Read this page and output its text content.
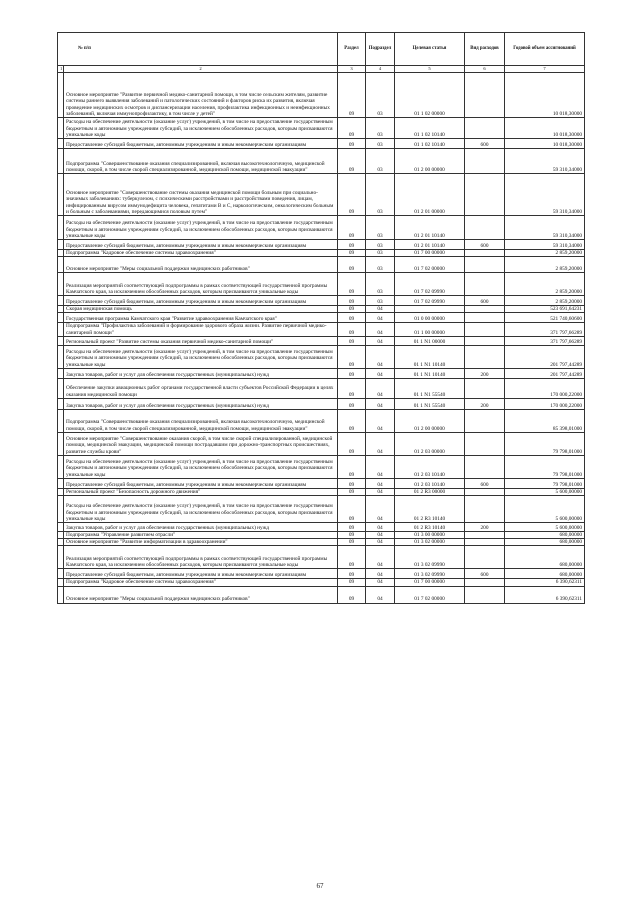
№ п/п		Раздел	Подраздел	Целевая статья	Вид расходов	Годовой объем ассигнований
1	2	3	4	5	6	7
	Основное мероприятие "Развитие первичной медико-санитарной помощи, в том числе сельским жителям, развитие системы раннего выявления заболеваний и патологических состояний и факторов риска их развития, включая проведение медицинских осмотров и диспансеризации населения, профилактика инфекционных и неинфекционных заболеваний, включая иммунопрофилактику, в том числе у детей"	09	03	01 1 02 00000		10 018,30000
	Расходы на обеспечение деятельности (оказание услуг) учреждений, в том числе на предоставление государственным бюджетным и автономным учреждениям субсидий, за исключением обособленных расходов, которым присваиваются уникальные коды	09	03	01 1 02 10140		10 018,30000
	Предоставление субсидий бюджетным, автономным учреждениям и иным некоммерческим организациям	09	03	01 1 02 10140	600	10 018,30000
	Подпрограмма "Совершенствование оказания специализированной, включая высокотехнологичную, медицинской помощи, скорой, в том числе скорой специализированной, медицинской помощи, медицинской эвакуации"	09	03	01 2 00 00000		59 310,34000
	Основное мероприятие "Совершенствование системы оказания медицинской помощи больным при социально-значимых заболеваниях: туберкулезом, с психическими расстройствами и расстройствами поведения, лицам, инфицированным вирусом иммунодефицита человека, гепатитами В и С, наркологическим, онкологическим больным и больным с заболеваниями, передающимися половым путем"	09	03	01 2 01 00000		59 310,34000
	Расходы на обеспечение деятельности (оказание услуг) учреждений, в том числе на предоставление государственным бюджетным и автономным учреждениям субсидий, за исключением обособленных расходов, которым присваиваются уникальные коды	09	03	01 2 01 10140		59 310,34000
	Предоставление субсидий бюджетным, автономным учреждениям и иным некоммерческим организациям	09	03	01 2 01 10140	600	59 310,34000
	Подпрограмма "Кадровое обеспечение системы здравоохранения"	09	03	01 7 00 00000		2 859,20000
	Основное мероприятие "Меры социальной поддержки медицинских работников"	09	03	01 7 02 00000		2 859,20000
	Реализация мероприятий соответствующей подпрограммы в рамках соответствующей государственной программы Камчатского края, за исключением обособленных расходов, которым присваиваются уникальные коды	09	03	01 7 02 09990		2 859,20000
	Предоставление субсидий бюджетным, автономным учреждениям и иным некоммерческим организациям	09	03	01 7 02 09990	600	2 859,20000
	Скорая медицинская помощь	09	04			523 691,64231
	Государственная программа Камчатского края "Развитие здравоохранения Камчатского края"	09	04	01 0 00 00000		521 740,60600
	Подпрограмма "Профилактика заболеваний и формирование здорового образа жизни. Развитие первичной медико-санитарной помощи"	09	04	01 1 00 00000		371 797,66289
	Региональный проект "Развитие системы оказания первичной медико-санитарной помощи"	09	04	01 1 N1 00000		371 797,66289
	Расходы на обеспечение деятельности (оказание услуг) учреждений, в том числе на предоставление государственным бюджетным и автономным учреждениям субсидий, за исключением обособленных расходов, которым присваиваются уникальные коды	09	04	01 1 N1 10140		201 797,44289
	Закупка товаров, работ и услуг для обеспечения государственных (муниципальных) нужд	09	04	01 1 N1 10140	200	201 797,44289
	Обеспечение закупки авиационных работ органами государственной власти субъектов Российской Федерации в целях оказания медицинской помощи	09	04	01 1 N1 55540		170 000,22000
	Закупка товаров, работ и услуг для обеспечения государственных (муниципальных) нужд	09	04	01 1 N1 55540	200	170 000,22000
	Подпрограмма "Совершенствование оказания специализированной, включая высокотехнологичную, медицинской помощи, скорой, в том числе скорой специализированной, медицинской помощи, медицинской эвакуации"	09	04	01 2 00 00000		85 398,01000
	Основное мероприятие "Совершенствование оказания скорой, в том числе скорой специализированной, медицинской помощи, медицинской эвакуации, медицинской помощи пострадавшим при дорожно-транспортных происшествиях, развитие службы крови"	09	04	01 2 03 00000		79 798,01000
	Расходы на обеспечение деятельности (оказание услуг) учреждений, в том числе на предоставление государственным бюджетным и автономным учреждениям субсидий, за исключением обособленных расходов, которым присваиваются уникальные коды	09	04	01 2 03 10140		79 798,01000
	Предоставление субсидий бюджетным, автономным учреждениям и иным некоммерческим организациям	09	04	01 2 03 10140	600	79 798,01000
	Региональный проект "Безопасность дорожного движения"	09	04	01 2 R3 00000		5 600,00000
	Расходы на обеспечение деятельности (оказание услуг) учреждений, в том числе на предоставление государственным бюджетным и автономным учреждениям субсидий, за исключением обособленных расходов, которым присваиваются уникальные коды	09	04	01 2 R3 10140		5 600,00000
	Закупка товаров, работ и услуг для обеспечения государственных (муниципальных) нужд	09	04	01 2 R3 10140	200	5 600,00000
	Подпрограмма "Управление развитием отрасли"	09	04	01 3 00 00000		680,00000
	Основное мероприятие "Развитие информатизации в здравоохранении"	09	04	01 3 02 00000		680,00000
	Реализация мероприятий соответствующей подпрограммы в рамках соответствующей государственной программы Камчатского края, за исключением обособленных расходов, которым присваиваются уникальные коды	09	04	01 3 02 09990		680,00000
	Предоставление субсидий бюджетным, автономным учреждениям и иным некоммерческим организациям	09	04	01 3 02 09990	600	680,00000
	Подпрограмма "Кадровое обеспечение системы здравоохранения"	09	04	01 7 00 00000		6 390,62311
	Основное мероприятие "Меры социальной поддержки медицинских работников"	09	04	01 7 02 00000		6 390,62311
67
